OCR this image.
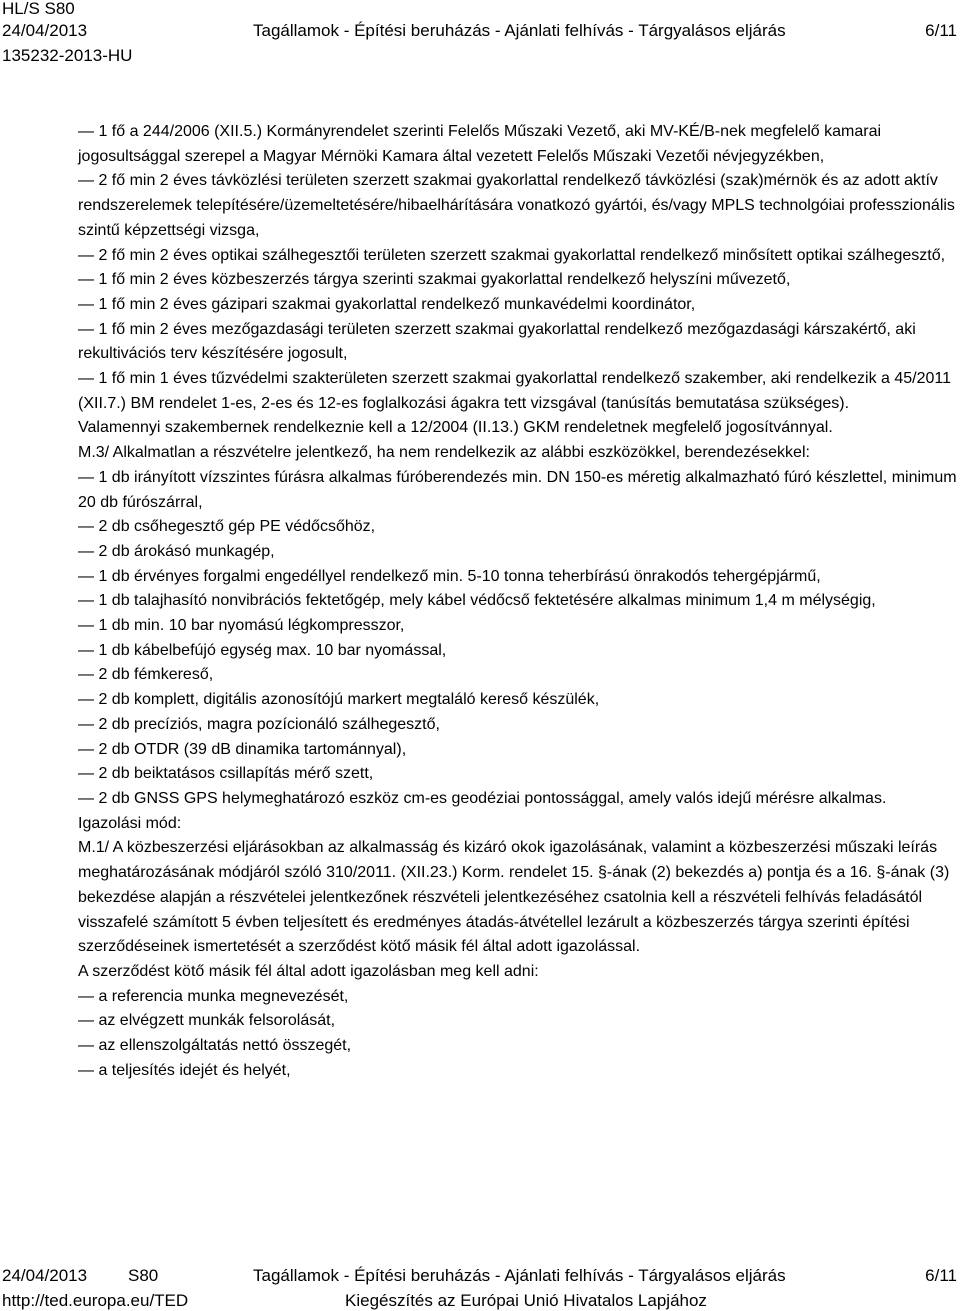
HL/S S80
24/04/2013	Tagállamok - Építési beruházás - Ajánlati felhívás - Tárgyalásos eljárás	6/11
135232-2013-HU

— 1 fő a 244/2006 (XII.5.) Kormányrendelet szerinti Felelős Műszaki Vezető, aki MV-KÉ/B-nek megfelelő kamarai jogosultsággal szerepel a Magyar Mérnöki Kamara által vezetett Felelős Műszaki Vezetői névjegyzékben,

— 2 fő min 2 éves távközlési területen szerzett szakmai gyakorlattal rendelkező távközlési (szak)mérnök és az adott aktív rendszerelemek telepítésére/üzemeltetésére/hibaelhárítására vonatkozó gyártói, és/vagy MPLS technolgóiai professzionális szintű képzettségi vizsga,

— 2 fő min 2 éves optikai szálhegesztői területen szerzett szakmai gyakorlattal rendelkező minősített optikai szálhegesztő,

— 1 fő min 2 éves közbeszerzés tárgya szerinti szakmai gyakorlattal rendelkező helyszíni művezető,

— 1 fő min 2 éves gázipari szakmai gyakorlattal rendelkező munkavédelmi koordinátor,

— 1 fő min 2 éves mezőgazdasági területen szerzett szakmai gyakorlattal rendelkező mezőgazdasági kárszakértő, aki rekultivációs terv készítésére jogosult,

— 1 fő min 1 éves tűzvédelmi szakterületen szerzett szakmai gyakorlattal rendelkező szakember, aki rendelkezik a 45/2011 (XII.7.) BM rendelet 1-es, 2-es és 12-es foglalkozási ágakra tett vizsgával (tanúsítás bemutatása szükséges).

Valamennyi szakembernek rendelkeznie kell a 12/2004 (II.13.) GKM rendeletnek megfelelő jogosítvánnyal.

M.3/ Alkalmatlan a részvételre jelentkező, ha nem rendelkezik az alábbi eszközökkel, berendezésekkel:

— 1 db irányított vízszintes fúrásra alkalmas fúróberendezés min. DN 150-es méretig alkalmazható fúró készlettel, minimum 20 db fúrószárral,

— 2 db csőhegesztő gép PE védőcsőhöz,

— 2 db árokásó munkagép,

— 1 db érvényes forgalmi engedéllyel rendelkező min. 5-10 tonna teherbírású önrakodós tehergépjármű,

— 1 db talajhasító nonvibrációs fektetőgép, mely kábel védőcső fektetésére alkalmas minimum 1,4 m mélységig,

— 1 db min. 10 bar nyomású légkompresszor,

— 1 db kábelbefújó egység max. 10 bar nyomással,

— 2 db fémkereső,

— 2 db komplett, digitális azonosítójú markert megtaláló kereső készülék,

— 2 db precíziós, magra pozícionáló szálhegesztő,

— 2 db OTDR (39 dB dinamika tartománnyal),

— 2 db beiktatásos csillapítás mérő szett,

— 2 db GNSS GPS helymeghatározó eszköz cm-es geodéziai pontossággal, amely valós idejű mérésre alkalmas.

Igazolási mód:

M.1/ A közbeszerzési eljárásokban az alkalmasság és kizáró okok igazolásának, valamint a közbeszerzési műszaki leírás meghatározásának módjáról szóló 310/2011. (XII.23.) Korm. rendelet 15. §-ának (2) bekezdés a) pontja és a 16. §-ának (3) bekezdése alapján a részvételei jelentkezőnek részvételi jelentkezéséhez csatolnia kell a részvételi felhívás feladásától visszafelé számított 5 évben teljesített és eredményes átadás-átvétellel lezárult a közbeszerzés tárgya szerinti építési szerződéseinek ismertetését a szerződést kötő másik fél által adott igazolással.

A szerződést kötő másik fél által adott igazolásban meg kell adni:

— a referencia munka megnevezését,

— az elvégzett munkák felsorolását,

— az ellenszolgáltatás nettó összegét,

— a teljesítés idejét és helyét,

24/04/2013 S80	Tagállamok - Építési beruházás - Ajánlati felhívás - Tárgyalásos eljárás	6/11
http://ted.europa.eu/TED	Kiegészítés az Európai Unió Hivatalos Lapjához
